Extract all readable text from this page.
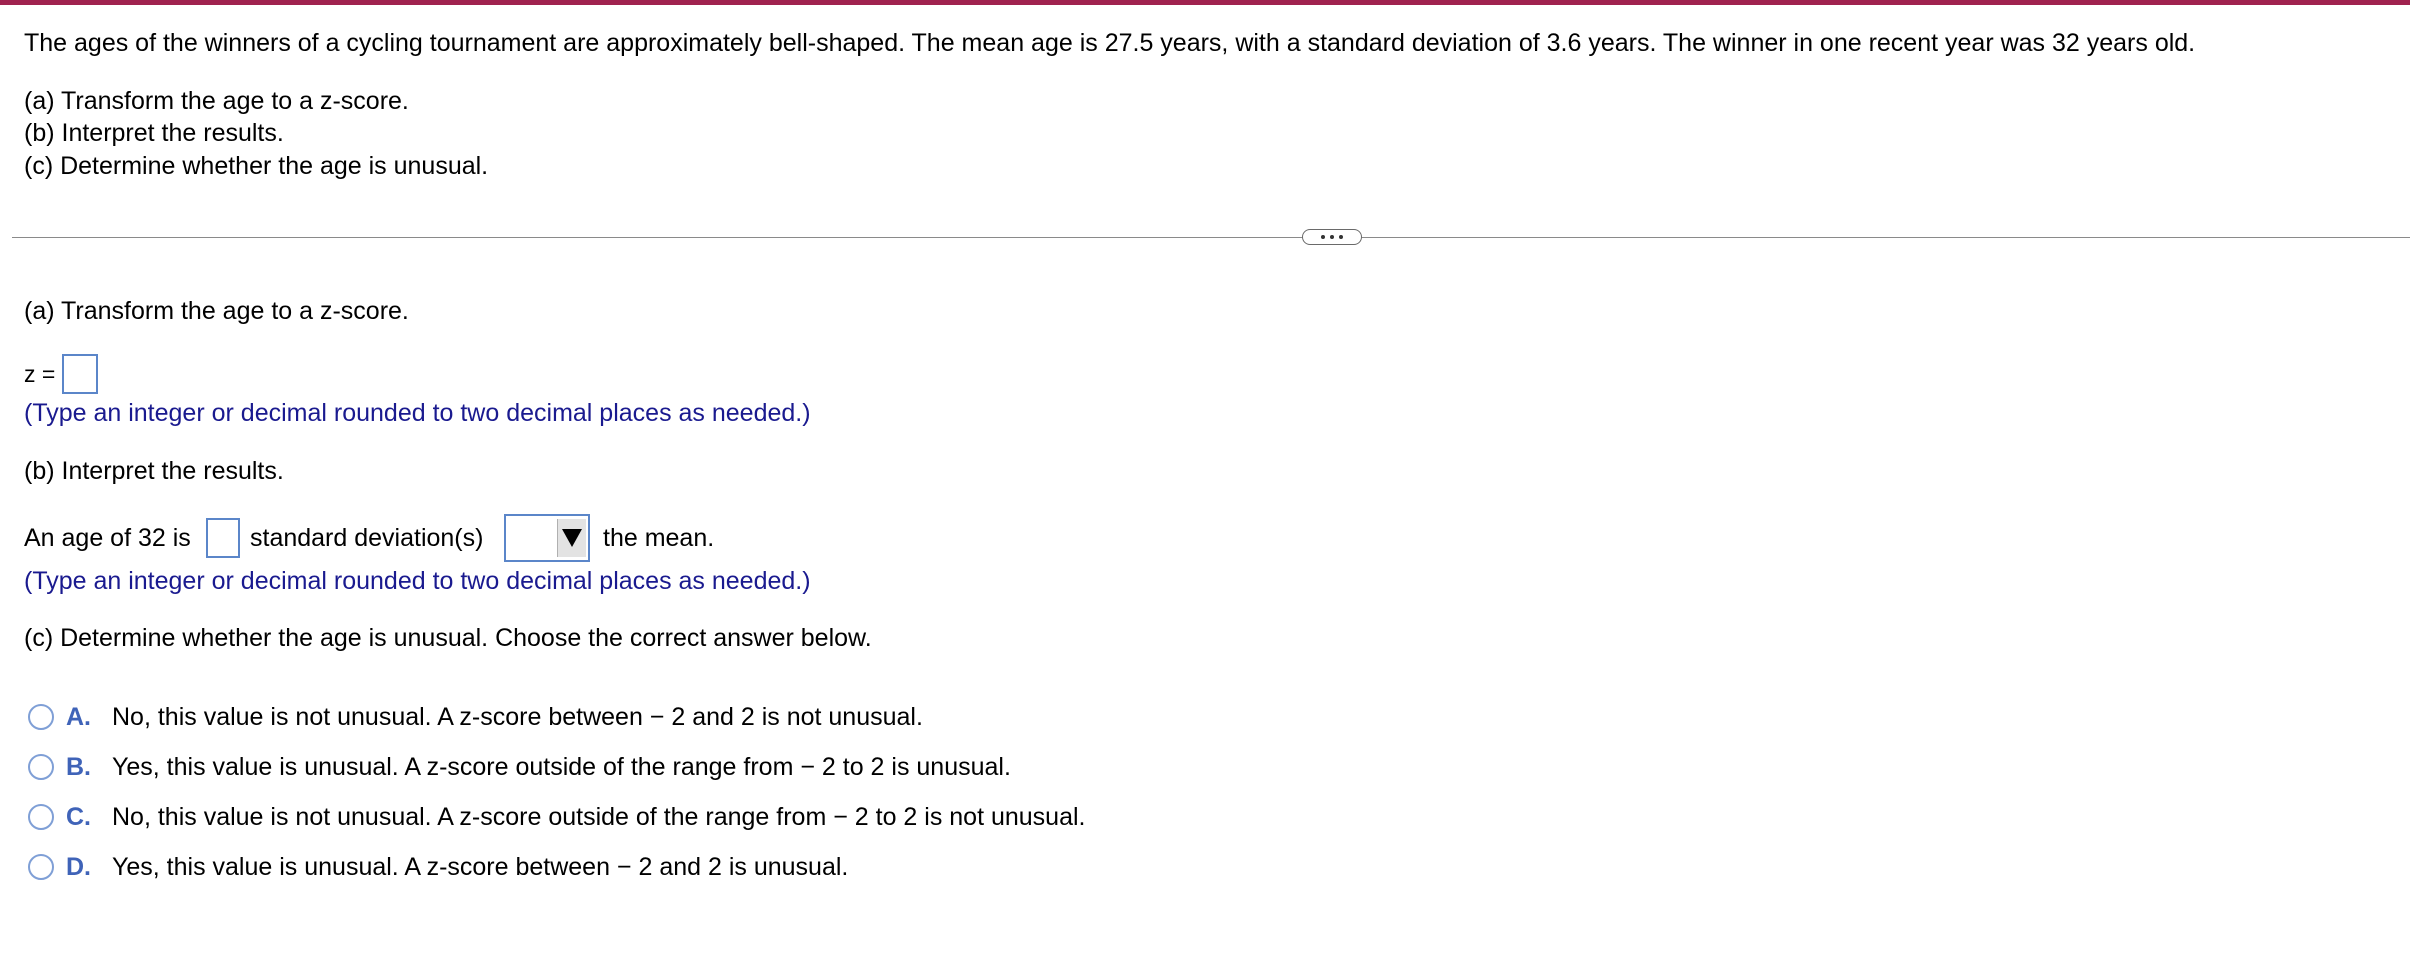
The ages of the winners of a cycling tournament are approximately bell-shaped. The mean age is 27.5 years, with a standard deviation of 3.6 years. The winner in one recent year was 32 years old.
(a) Transform the age to a z-score.
(b) Interpret the results.
(c) Determine whether the age is unusual.
(a) Transform the age to a z-score.
z =
(Type an integer or decimal rounded to two decimal places as needed.)
(b) Interpret the results.
An age of 32 is standard deviation(s)	the mean.
(Type an integer or decimal rounded to two decimal places as needed.)
(c) Determine whether the age is unusual. Choose the correct answer below.
A. No, this value is not unusual. A z-score between − 2 and 2 is not unusual.
B. Yes, this value is unusual. A z-score outside of the range from − 2 to 2 is unusual.
C. No, this value is not unusual. A z-score outside of the range from − 2 to 2 is not unusual.
D. Yes, this value is unusual. A z-score between − 2 and 2 is unusual.
